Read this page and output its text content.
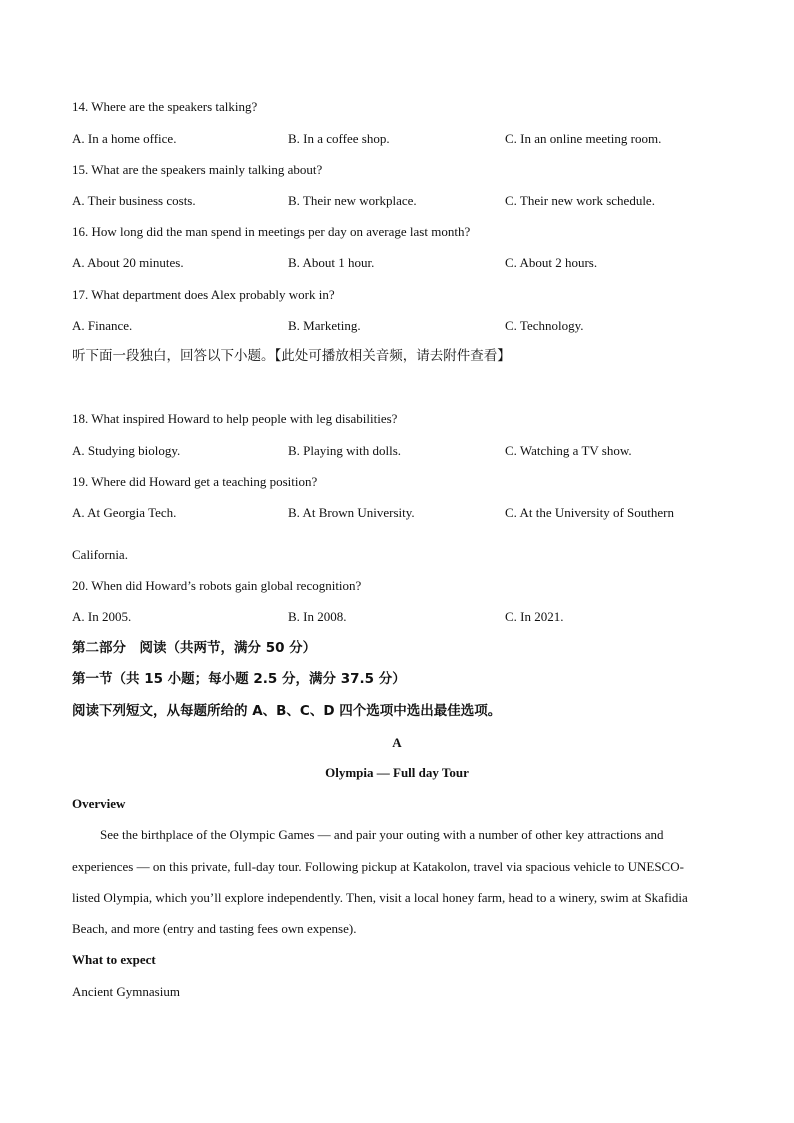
14. Where are the speakers talking?
A. In a home office.	B. In a coffee shop.	C. In an online meeting room.
15. What are the speakers mainly talking about?
A. Their business costs.	B. Their new workplace.	C. Their new work schedule.
16. How long did the man spend in meetings per day on average last month?
A. About 20 minutes.	B. About 1 hour.	C. About 2 hours.
17. What department does Alex probably work in?
A. Finance.	B. Marketing.	C. Technology.
听下面一段独白，回答以下小题。【此处可播放相关音频，请去附件查看】
18. What inspired Howard to help people with leg disabilities?
A. Studying biology.	B. Playing with dolls.	C. Watching a TV show.
19. Where did Howard get a teaching position?
A. At Georgia Tech.	B. At Brown University.	C. At the University of Southern
California.
20. When did Howard’s robots gain global recognition?
A. In 2005.	B. In 2008.	C. In 2021.
第二部分　阅读（共两节，满分 50 分）
第一节（共 15 小题；每小题 2.5 分，满分 37.5 分）
阅读下列短文，从每题所给的 A、B、C、D 四个选项中选出最佳选项。
A
Olympia — Full day Tour
Overview
See the birthplace of the Olympic Games — and pair your outing with a number of other key attractions and
experiences — on this private, full-day tour. Following pickup at Katakolon, travel via spacious vehicle to UNESCO-
listed Olympia, which you’ll explore independently. Then, visit a local honey farm, head to a winery, swim at Skafidia
Beach, and more (entry and tasting fees own expense).
What to expect
Ancient Gymnasium
